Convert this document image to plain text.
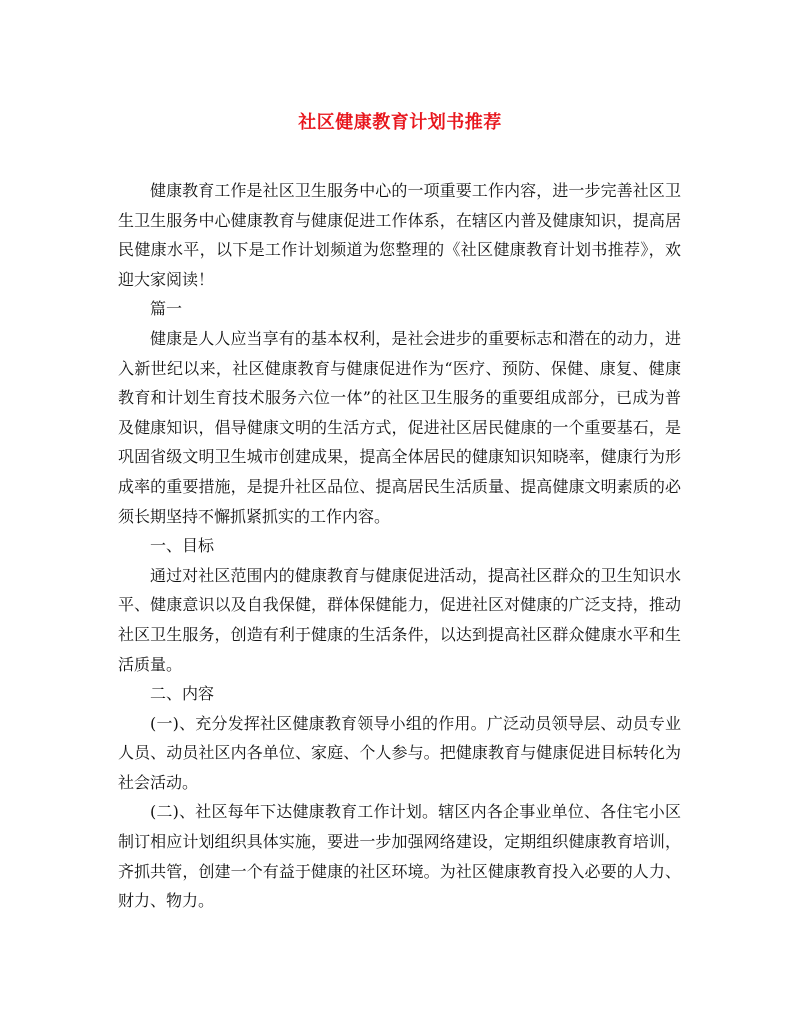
社区健康教育计划书推荐

健康教育工作是社区卫生服务中心的一项重要工作内容，进一步完善社区卫生卫生服务中心健康教育与健康促进工作体系，在辖区内普及健康知识，提高居民健康水平，以下是工作计划频道为您整理的《社区健康教育计划书推荐》，欢迎大家阅读！

篇一

健康是人人应当享有的基本权利，是社会进步的重要标志和潜在的动力，进入新世纪以来，社区健康教育与健康促进作为“医疗、预防、保健、康复、健康教育和计划生育技术服务六位一体”的社区卫生服务的重要组成部分，已成为普及健康知识，倡导健康文明的生活方式，促进社区居民健康的一个重要基石，是巩固省级文明卫生城市创建成果，提高全体居民的健康知识知晓率，健康行为形成率的重要措施，是提升社区品位、提高居民生活质量、提高健康文明素质的必须长期坚持不懈抓紧抓实的工作内容。

一、目标

通过对社区范围内的健康教育与健康促进活动，提高社区群众的卫生知识水平、健康意识以及自我保健，群体保健能力，促进社区对健康的广泛支持，推动社区卫生服务，创造有利于健康的生活条件，以达到提高社区群众健康水平和生活质量。

二、内容

(一)、充分发挥社区健康教育领导小组的作用。广泛动员领导层、动员专业人员、动员社区内各单位、家庭、个人参与。把健康教育与健康促进目标转化为社会活动。

(二)、社区每年下达健康教育工作计划。辖区内各企事业单位、各住宅小区制订相应计划组织具体实施，要进一步加强网络建设，定期组织健康教育培训，齐抓共管，创建一个有益于健康的社区环境。为社区健康教育投入必要的人力、财力、物力。
